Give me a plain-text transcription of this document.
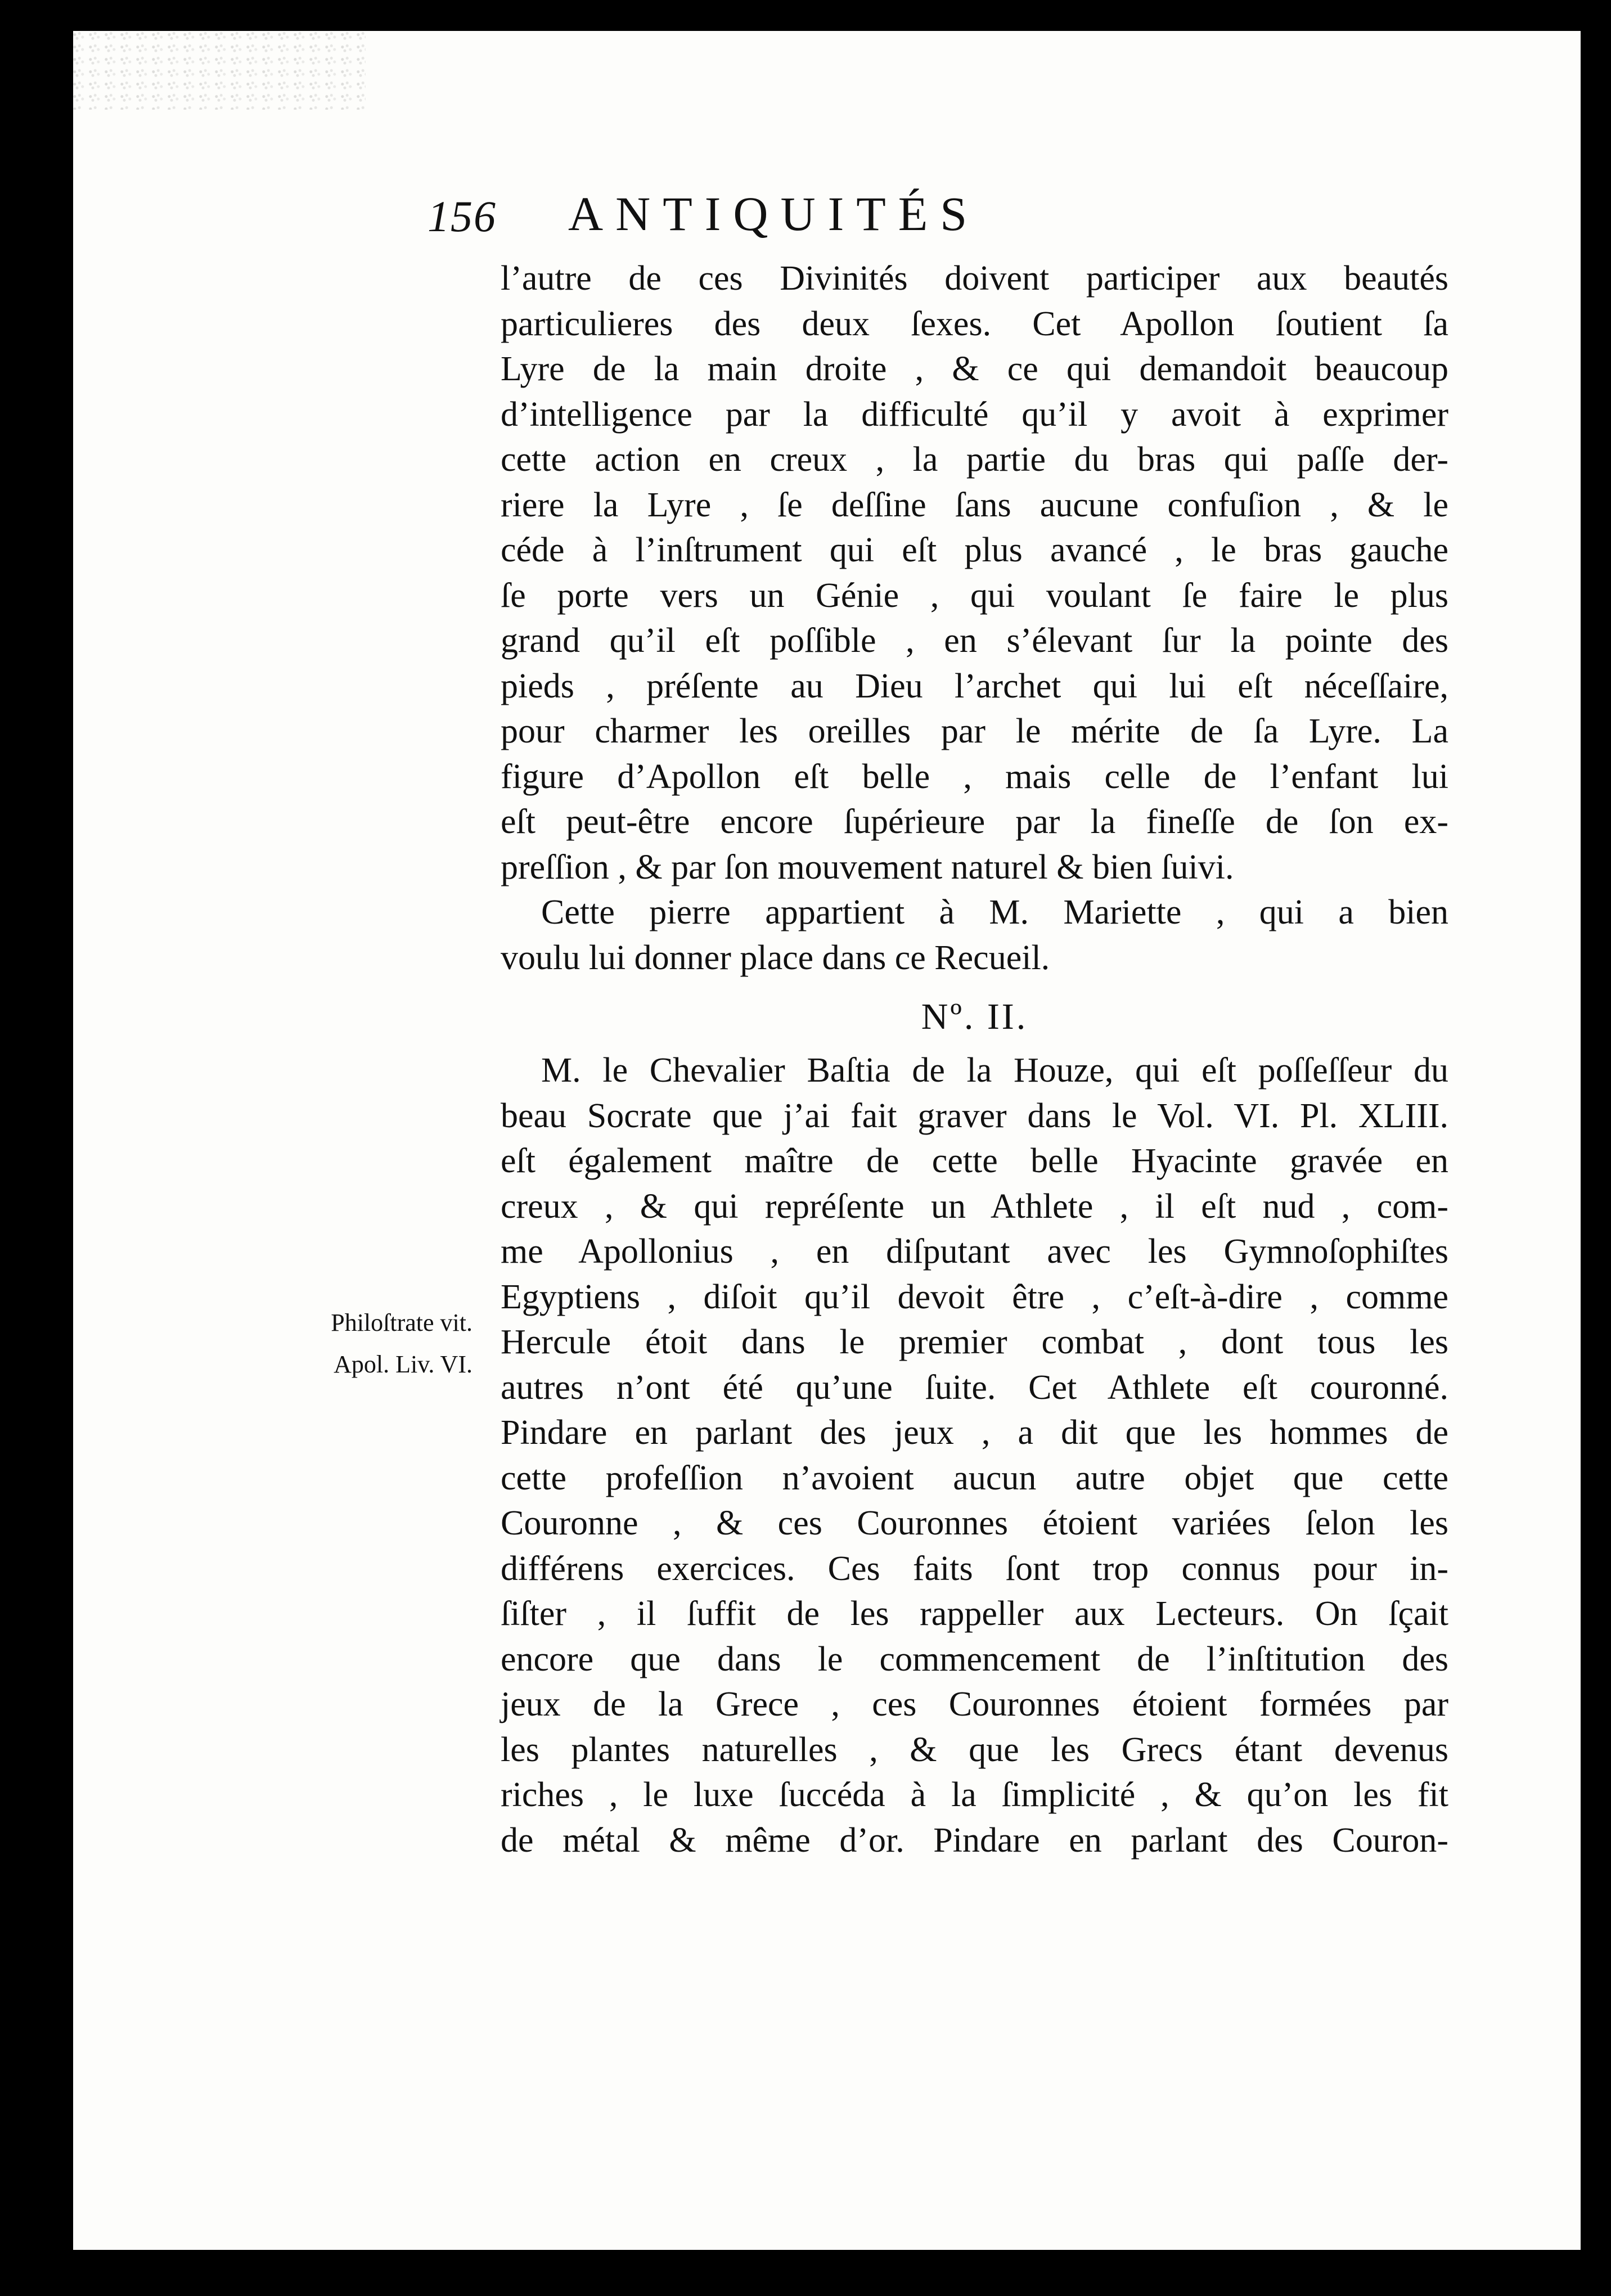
156 ANTIQUITÉS
l’autre de ces Divinités doivent participer aux beautés
particulieres des deux ſexes. Cet Apollon ſoutient ſa
Lyre de la main droite , & ce qui demandoit beaucoup
d’intelligence par la difficulté qu’il y avoit à exprimer
cette action en creux , la partie du bras qui paſſe der-
riere la Lyre , ſe deſſine ſans aucune confuſion , & le
céde à l’inſtrument qui eſt plus avancé , le bras gauche
ſe porte vers un Génie , qui voulant ſe faire le plus
grand qu’il eſt poſſible , en s’élevant ſur la pointe des
pieds , préſente au Dieu l’archet qui lui eſt néceſſaire,
pour charmer les oreilles par le mérite de ſa Lyre. La
figure d’Apollon eſt belle , mais celle de l’enfant lui
eſt peut-être encore ſupérieure par la fineſſe de ſon ex-
preſſion , & par ſon mouvement naturel & bien ſuivi.
Cette pierre appartient à M. Mariette , qui a bien
voulu lui donner place dans ce Recueil.
Nº. II.
M. le Chevalier Baſtia de la Houze, qui eſt poſſeſſeur du
beau Socrate que j’ai fait graver dans le Vol. VI. Pl. XLIII.
eſt également maître de cette belle Hyacinte gravée en
creux , & qui repréſente un Athlete , il eſt nud , com-
me Apollonius , en diſputant avec les Gymnoſophiſtes
Egyptiens , diſoit qu’il devoit être , c’eſt-à-dire , comme
Hercule étoit dans le premier combat , dont tous les
autres n’ont été qu’une ſuite. Cet Athlete eſt couronné.
Pindare en parlant des jeux , a dit que les hommes de
cette profeſſion n’avoient aucun autre objet que cette
Couronne , & ces Couronnes étoient variées ſelon les
différens exercices. Ces faits ſont trop connus pour in-
ſiſter , il ſuffit de les rappeller aux Lecteurs. On ſçait
encore que dans le commencement de l’inſtitution des
jeux de la Grece , ces Couronnes étoient formées par
les plantes naturelles , & que les Grecs étant devenus
riches , le luxe ſuccéda à la ſimplicité , & qu’on les fit
de métal & même d’or. Pindare en parlant des Couron-
Philoſtrate vit.
Apol. Liv. VI.
